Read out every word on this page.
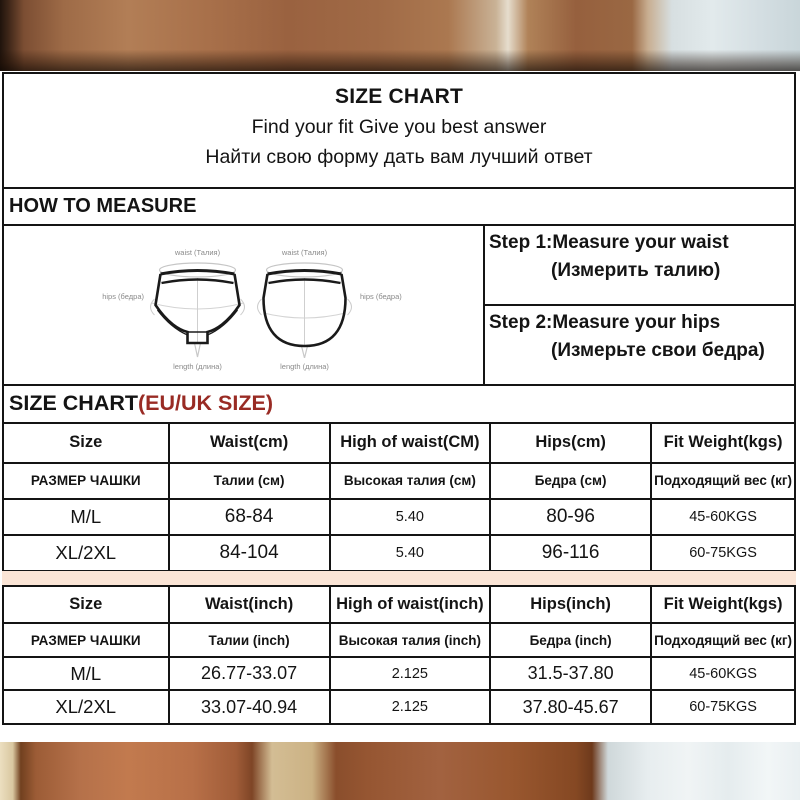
SIZE CHART
Find your fit Give you best answer
Найти свою форму дать вам лучший ответ
HOW TO MEASURE
waist (Талия)	waist (Талия)
hips (бедра)	hips (бедра)
length (длина)	length (длина)
Step 1:Measure your waist
(Измерить талию)
Step 2:Measure your hips
(Измерьте свои бедра)
SIZE CHART(EU/UK SIZE)
Size	Waist(cm)	High of waist(CM)	Hips(cm)	Fit Weight(kgs)
РАЗМЕР ЧАШКИ	Талии (см)	Высокая талия (см)	Бедра (см)	Подходящий вес (кг)
M/L	68-84	5.40	80-96	45-60KGS
XL/2XL	84-104	5.40	96-116	60-75KGS
Size	Waist(inch)	High of waist(inch)	Hips(inch)	Fit Weight(kgs)
РАЗМЕР ЧАШКИ	Талии (inch)	Высокая талия (inch)	Бедра (inch)	Подходящий вес (кг)
M/L	26.77-33.07	2.125	31.5-37.80	45-60KGS
XL/2XL	33.07-40.94	2.125	37.80-45.67	60-75KGS
